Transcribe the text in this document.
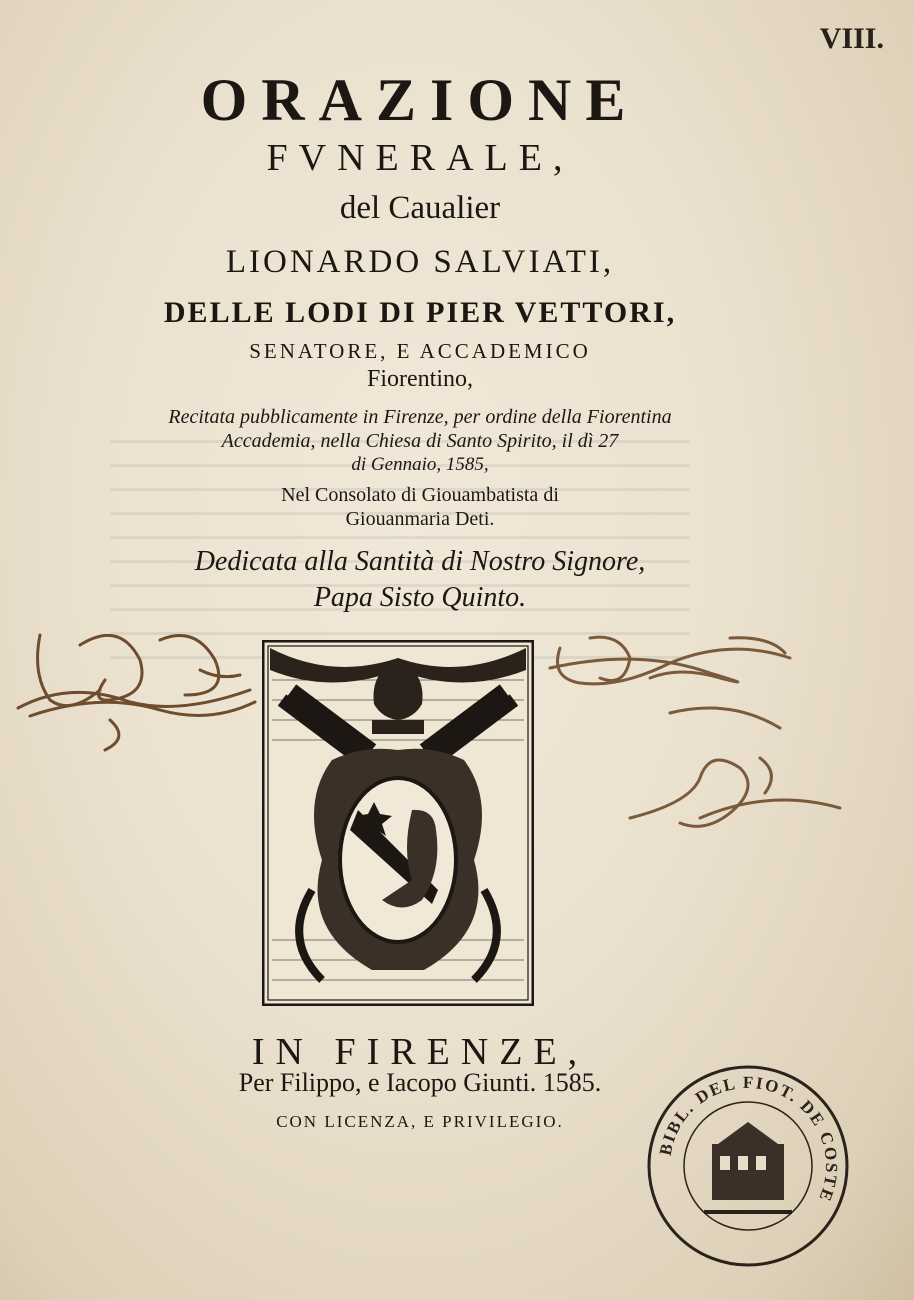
VIII.
ORAZIONE
FVNERALE,
del Caualier
LIONARDO SALVIATI,
DELLE LODI DI PIER VETTORI,
SENATORE, E ACCADEMICO
Fiorentino,
Recitata pubblicamente in Firenze, per ordine della Fiorentina
Accademia, nella Chiesa di Santo Spirito, il dì 27
di Gennaio, 1585,
Nel Consolato di Giouambatista di
Giouanmaria Deti.
Dedicata alla Santità di Nostro Signore,
Papa Sisto Quinto.
IN FIRENZE,
Per Filippo, e Iacopo Giunti. 1585.
CON LICENZA, E PRIVILEGIO.
BIBL. DEL FIOT. DE COSTE
